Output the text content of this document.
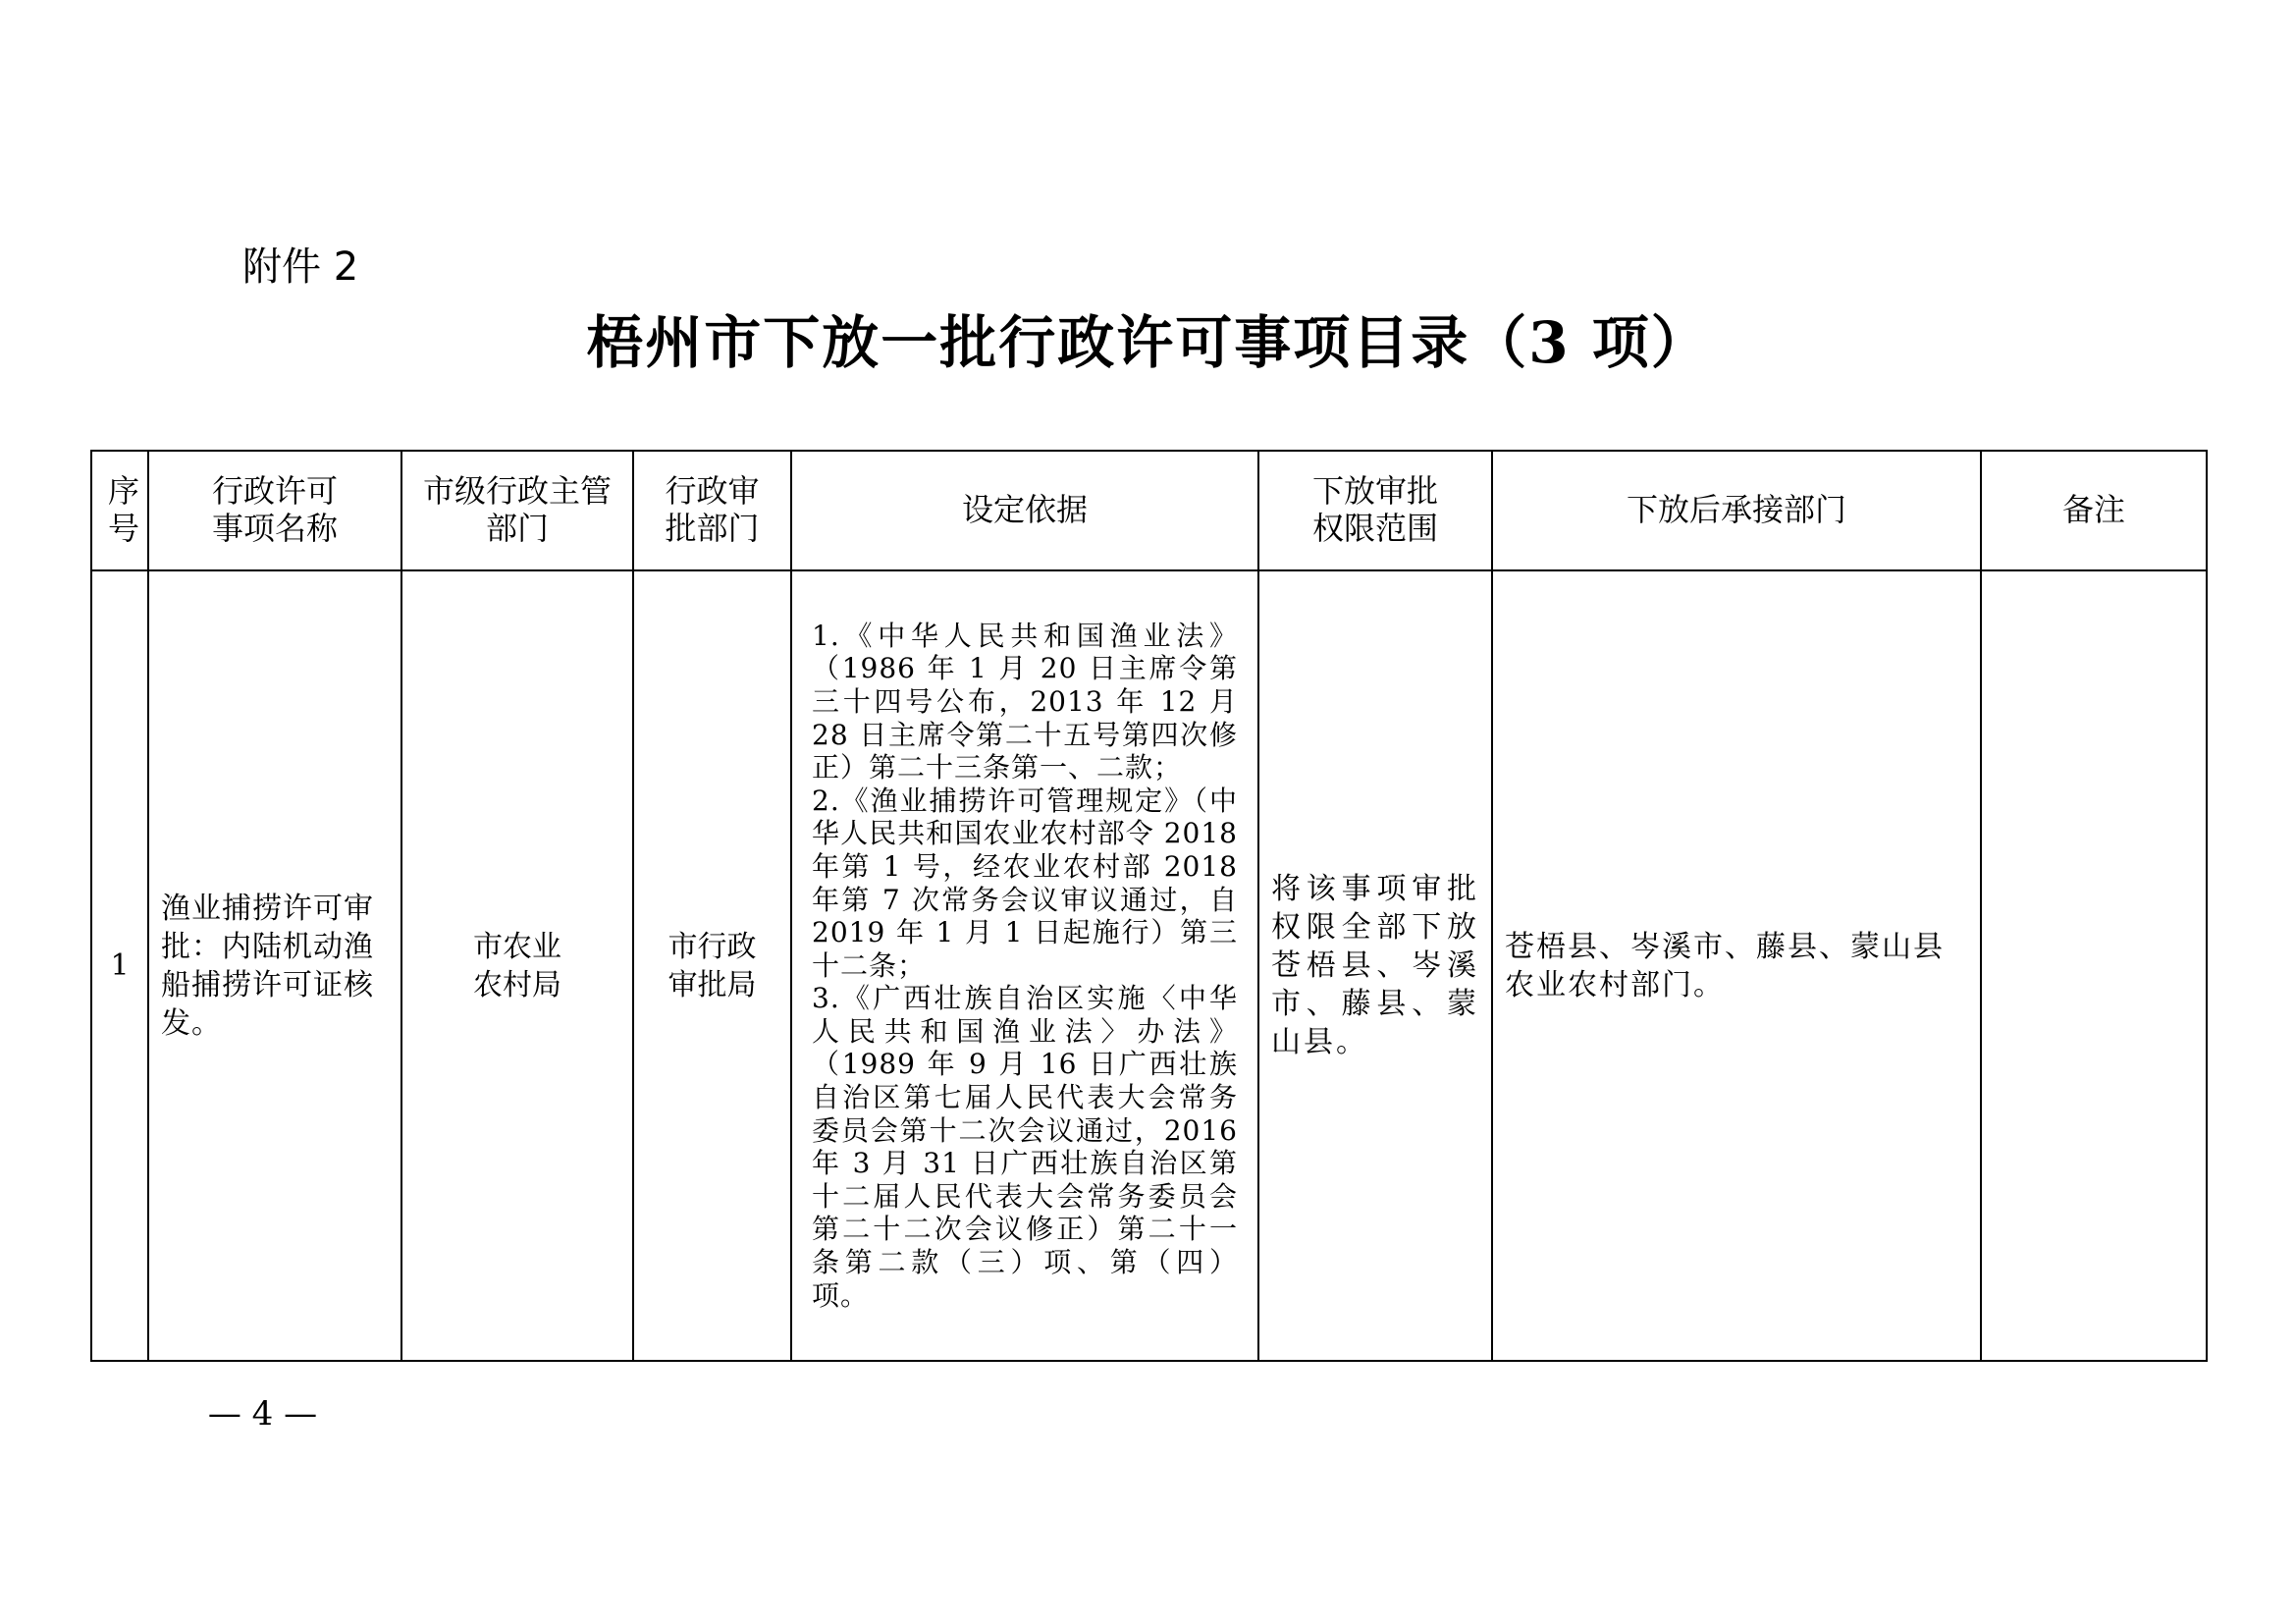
附件 2
梧州市下放一批行政许可事项目录（3 项）
序号	行政许可事项名称	市级行政主管部门	行政审批部门	设定依据	下放审批权限范围	下放后承接部门	备注
1	渔业捕捞许可审批：内陆机动渔船捕捞许可证核发。	市农业农村局	市行政审批局	1.《中华人民共和国渔业法》（1986 年 1 月 20 日主席令第三十四号公布，2013 年 12 月 28 日主席令第二十五号第四次修正）第二十三条第一、二款；
2.《渔业捕捞许可管理规定》（中华人民共和国农业农村部令 2018 年第 1 号，经农业农村部 2018 年第 7 次常务会议审议通过，自 2019 年 1 月 1 日起施行）第三十二条；
3.《广西壮族自治区实施〈中华人民共和国渔业法〉办法》（1989 年 9 月 16 日广西壮族自治区第七届人民代表大会常务委员会第十二次会议通过，2016 年 3 月 31 日广西壮族自治区第十二届人民代表大会常务委员会第二十二次会议修正）第二十一条第二款（三）项、第（四）项。	将该事项审批权限全部下放苍梧县、岑溪市、藤县、蒙山县。	苍梧县、岑溪市、藤县、蒙山县农业农村部门。	
— 4 —
